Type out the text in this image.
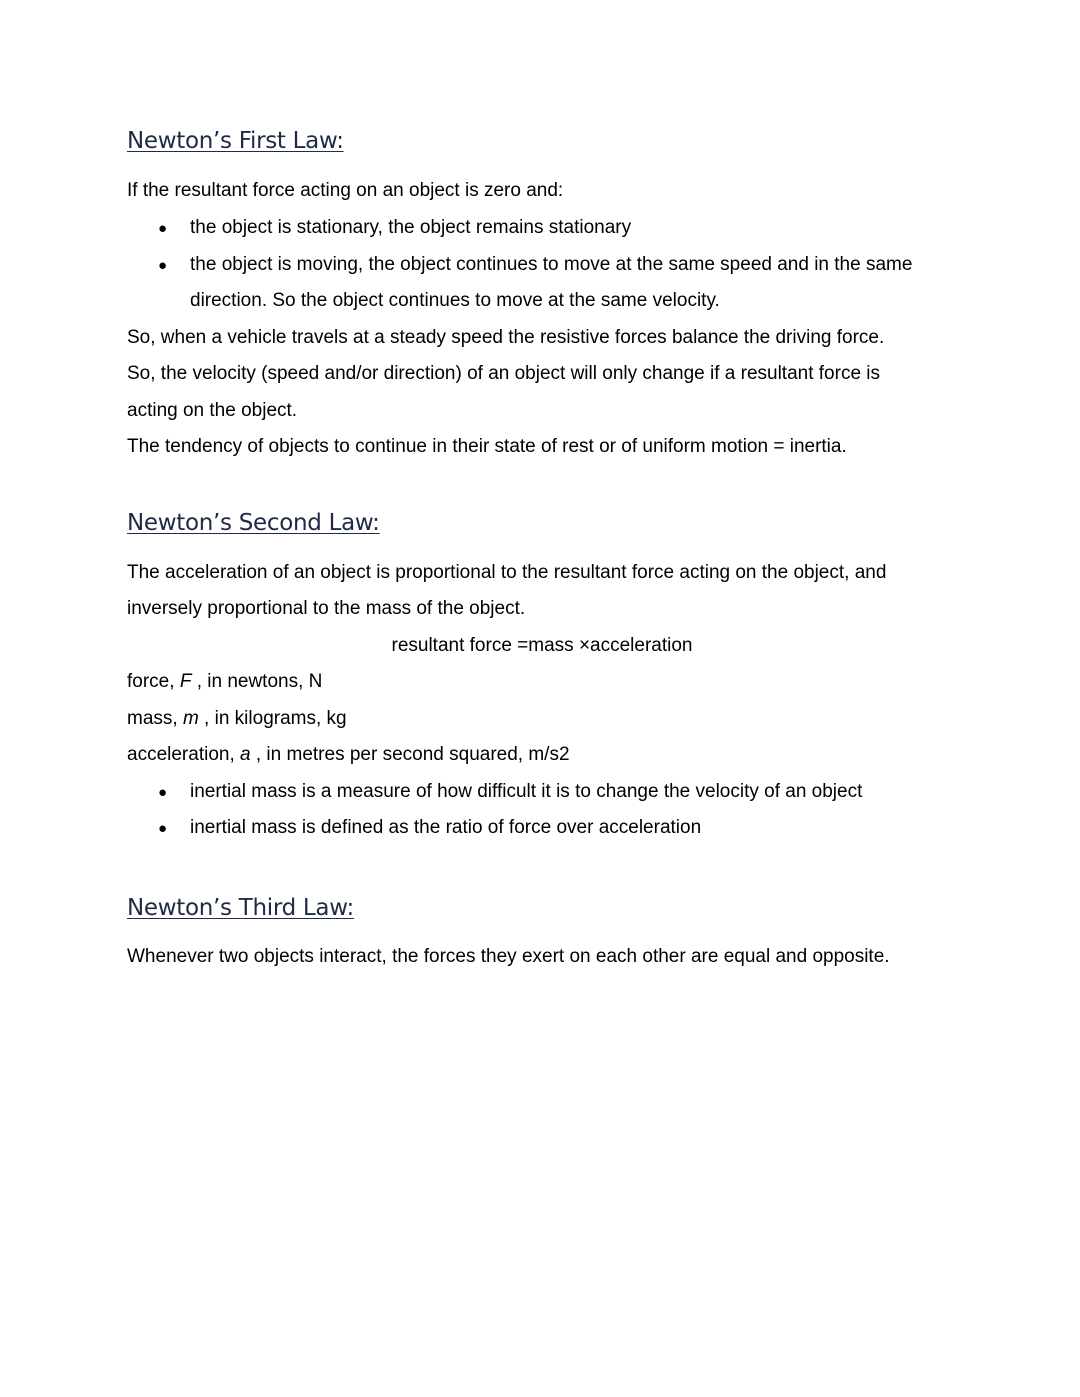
Newton’s First Law:

If the resultant force acting on an object is zero and:

● the object is stationary, the object remains stationary

● the object is moving, the object continues to move at the same speed and in the same

direction. So the object continues to move at the same velocity.

So, when a vehicle travels at a steady speed the resistive forces balance the driving force.

So, the velocity (speed and/or direction) of an object will only change if a resultant force is

acting on the object.

The tendency of objects to continue in their state of rest or of uniform motion = inertia.

Newton’s Second Law:

The acceleration of an object is proportional to the resultant force acting on the object, and

inversely proportional to the mass of the object.

resultant force =mass ×acceleration

force, F , in newtons, N

mass, m , in kilograms, kg

acceleration, a , in metres per second squared, m/s2

● inertial mass is a measure of how difficult it is to change the velocity of an object

● inertial mass is defined as the ratio of force over acceleration

Newton’s Third Law:

Whenever two objects interact, the forces they exert on each other are equal and opposite.
